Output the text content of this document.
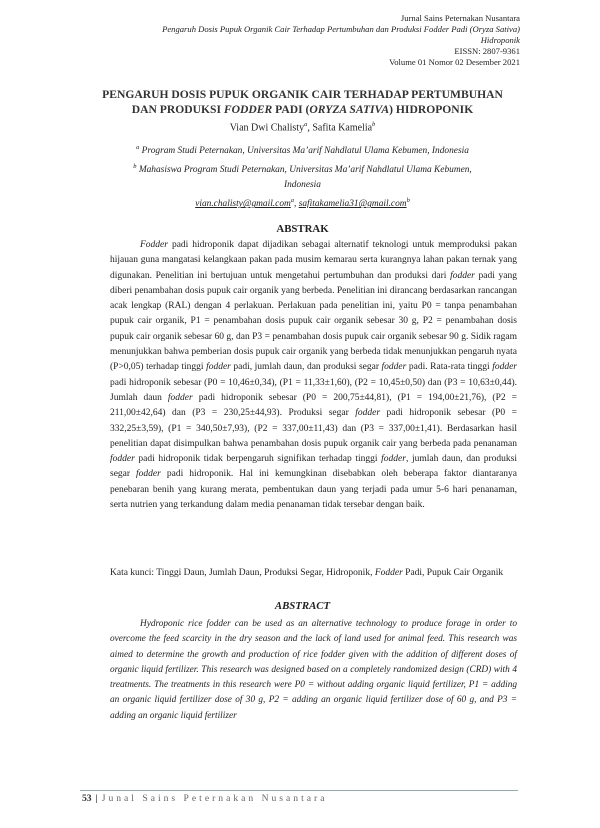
Jurnal Sains Peternakan Nusantara
Pengaruh Dosis Pupuk Organik Cair Terhadap Pertumbuhan dan Produksi Fodder Padi (Oryza Sativa)
Hidroponik
EISSN: 2807-9361
Volume 01 Nomor 02 Desember 2021
PENGARUH DOSIS PUPUK ORGANIK CAIR TERHADAP PERTUMBUHAN
DAN PRODUKSI FODDER PADI (ORYZA SATIVA) HIDROPONIK
Vian Dwi Chalisty$^a$, Safita Kamelia$^b$
$^a$ Program Studi Peternakan, Universitas Ma’arif Nahdlatul Ulama Kebumen, Indonesia
$^b$ Mahasiswa Program Studi Peternakan, Universitas Ma’arif Nahdlatul Ulama Kebumen,
Indonesia
vian.chalisty@gmail.com$^a$, safitakamelia31@gmail.com$^b$
ABSTRAK
Fodder padi hidroponik dapat dijadikan sebagai alternatif teknologi untuk memproduksi pakan hijauan guna mangatasi kelangkaan pakan pada musim kemarau serta kurangnya lahan pakan ternak yang digunakan. Penelitian ini bertujuan untuk mengetahui pertumbuhan dan produksi dari fodder padi yang diberi penambahan dosis pupuk cair organik yang berbeda. Penelitian ini dirancang berdasarkan rancangan acak lengkap (RAL) dengan 4 perlakuan. Perlakuan pada penelitian ini, yaitu P0 = tanpa penambahan pupuk cair organik, P1 = penambahan dosis pupuk cair organik sebesar 30 g, P2 = penambahan dosis pupuk cair organik sebesar 60 g, dan P3 = penambahan dosis pupuk cair organik sebesar 90 g. Sidik ragam menunjukkan bahwa pemberian dosis pupuk cair organik yang berbeda tidak menunjukkan pengaruh nyata (P>0,05) terhadap tinggi fodder padi, jumlah daun, dan produksi segar fodder padi. Rata-rata tinggi fodder padi hidroponik sebesar (P0 = 10,46±0,34), (P1 = 11,33±1,60), (P2 = 10,45±0,50) dan (P3 = 10,63±0,44). Jumlah daun fodder padi hidroponik sebesar (P0 = 200,75±44,81), (P1 = 194,00±21,76), (P2 = 211,00±42,64) dan (P3 = 230,25±44,93). Produksi segar fodder padi hidroponik sebesar (P0 = 332,25±3,59), (P1 = 340,50±7,93), (P2 = 337,00±11,43) dan (P3 = 337,00±1,41). Berdasarkan hasil penelitian dapat disimpulkan bahwa penambahan dosis pupuk organik cair yang berbeda pada penanaman fodder padi hidroponik tidak berpengaruh signifikan terhadap tinggi fodder, jumlah daun, dan produksi segar fodder padi hidroponik. Hal ini kemungkinan disebabkan oleh beberapa faktor diantaranya penebaran benih yang kurang merata, pembentukan daun yang terjadi pada umur 5-6 hari penanaman, serta nutrien yang terkandung dalam media penanaman tidak tersebar dengan baik.
Kata kunci: Tinggi Daun, Jumlah Daun, Produksi Segar, Hidroponik, Fodder Padi, Pupuk Cair Organik
ABSTRACT
Hydroponic rice fodder can be used as an alternative technology to produce forage in order to overcome the feed scarcity in the dry season and the lack of land used for animal feed. This research was aimed to determine the growth and production of rice fodder given with the addition of different doses of organic liquid fertilizer. This research was designed based on a completely randomized design (CRD) with 4 treatments. The treatments in this research were P0 = without adding organic liquid fertilizer, P1 = adding an organic liquid fertilizer dose of 30 g, P2 = adding an organic liquid fertilizer dose of 60 g, and P3 = adding an organic liquid fertilizer
53 | Junal Sains Peternakan Nusantara
